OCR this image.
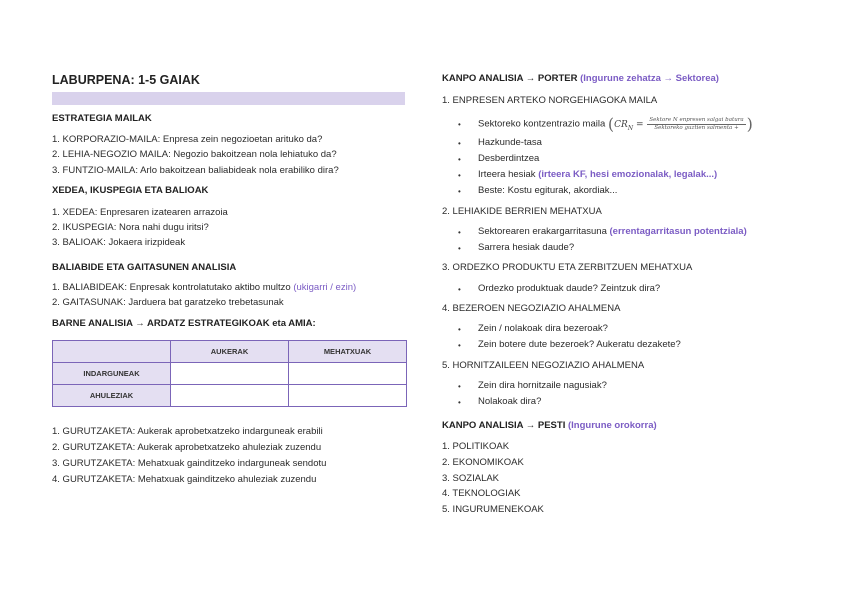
LABURPENA: 1-5 GAIAK
ESTRATEGIA MAILAK
1. KORPORAZIO-MAILA: Enpresa zein negozioetan arituko da?
2. LEHIA-NEGOZIO MAILA: Negozio bakoitzean nola lehiatuko da?
3. FUNTZIO-MAILA: Arlo bakoitzean baliabideak nola erabiliko dira?
XEDEA, IKUSPEGIA ETA BALIOAK
1. XEDEA: Enpresaren izatearen arrazoia
2. IKUSPEGIA: Nora nahi dugu iritsi?
3. BALIOAK: Jokaera irizpideak
BALIABIDE ETA GAITASUNEN ANALISIA
1. BALIABIDEAK: Enpresak kontrolatutako aktibo multzo (ukigarri / ezin)
2. GAITASUNAK: Jarduera bat garatzeko trebetasunak
BARNE ANALISIA → ARDATZ ESTRATEGIKOAK eta AMIA:
	AUKERAK	MEHATXUAK
INDARGUNEAK		
AHULEZIAK		
1. GURUTZAKETA: Aukerak aprobetxatzeko indarguneak erabili
2. GURUTZAKETA: Aukerak aprobetxatzeko ahuleziak zuzendu
3. GURUTZAKETA: Mehatxuak gainditzeko indarguneak sendotu
4. GURUTZAKETA: Mehatxuak gainditzeko ahuleziak zuzendu
KANPO ANALISIA → PORTER (Ingurune zehatza → Sektorea)
1. ENPRESEN ARTEKO NORGEHIAGOKA MAILA
• Sektoreko kontzentrazio maila ($CR_N = \frac{\text{Sektore N enpresen salgai batura}}{\text{Sektoreko guztien salmenta +}}$ )
• Hazkunde-tasa
• Desberdintzea
• Irteera hesiak (irteera KF, hesi emozionalak, legalak...)
• Beste: Kostu egiturak, akordiak...
2. LEHIAKIDE BERRIEN MEHATXUA
• Sektorearen erakargarritasuna (errentagarritasun potentziala)
• Sarrera hesiak daude?
3. ORDEZKO PRODUKTU ETA ZERBITZUEN MEHATXUA
• Ordezko produktuak daude? Zeintzuk dira?
4. BEZEROEN NEGOZIAZIO AHALMENA
• Zein / nolakoak dira bezeroak?
• Zein botere dute bezeroek? Aukeratu dezakete?
5. HORNITZAILEEN NEGOZIAZIO AHALMENA
• Zein dira hornitzaile nagusiak?
• Nolakoak dira?
KANPO ANALISIA → PESTI (Ingurune orokorra)
1. POLITIKOAK
2. EKONOMIKOAK
3. SOZIALAK
4. TEKNOLOGIAK
5. INGURUMENEKOAK
